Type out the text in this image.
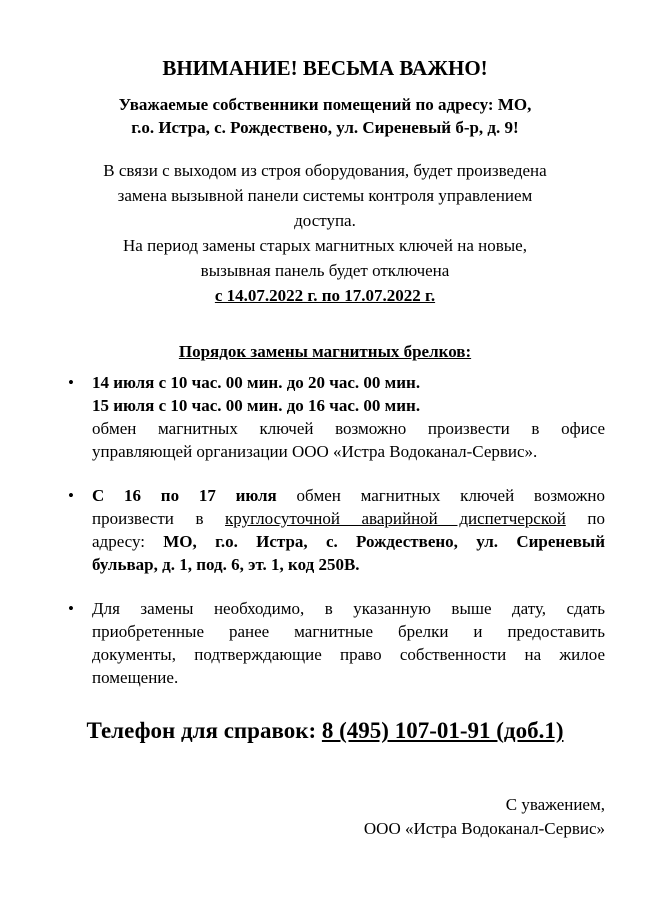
ВНИМАНИЕ! ВЕСЬМА ВАЖНО!

Уважаемые собственники помещений по адресу: МО,
г.о. Истра, с. Рождествено, ул. Сиреневый б-р, д. 9!

В связи с выходом из строя оборудования, будет произведена
замена вызывной панели системы контроля управлением
доступа.
На период замены старых магнитных ключей на новые,
вызывная панель будет отключена
с 14.07.2022 г. по 17.07.2022 г.

Порядок замены магнитных брелков:
• 14 июля с 10 час. 00 мин. до 20 час. 00 мин.
15 июля с 10 час. 00 мин. до 16 час. 00 мин.
обмен магнитных ключей возможно произвести в офисе
управляющей организации ООО «Истра Водоканал-Сервис».
• С 16 по 17 июля обмен магнитных ключей возможно
произвести в круглосуточной аварийной диспетчерской по
адресу: МО, г.о. Истра, с. Рождествено, ул. Сиреневый
бульвар, д. 1, под. 6, эт. 1, код 250В.
• Для замены необходимо, в указанную выше дату, сдать
приобретенные ранее магнитные брелки и предоставить
документы, подтверждающие право собственности на жилое
помещение.

Телефон для справок: 8 (495) 107-01-91 (доб.1)

С уважением,
ООО «Истра Водоканал-Сервис»
